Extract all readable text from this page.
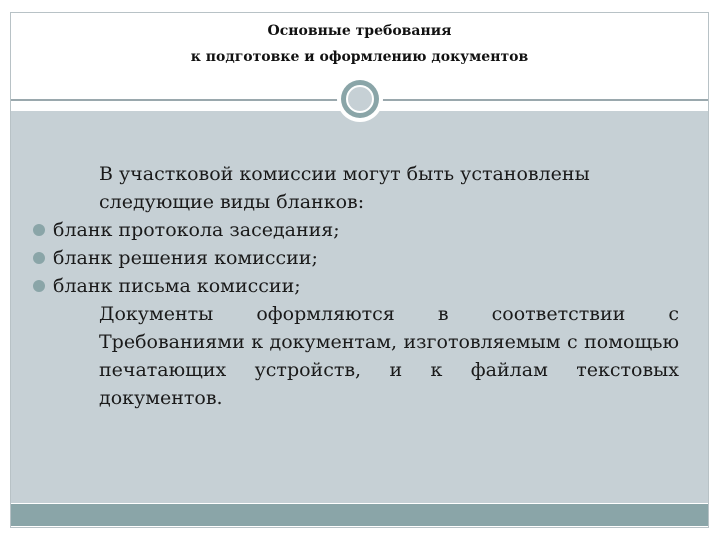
Основные требования
к подготовке и оформлению документов
В участковой комиссии могут быть установлены следующие виды бланков:
бланк протокола заседания;
бланк решения комиссии;
бланк письма комиссии;
Документы оформляются в соответствии с Требованиями к документам, изготовляемым с помощью печатающих устройств, и к файлам текстовых документов.
